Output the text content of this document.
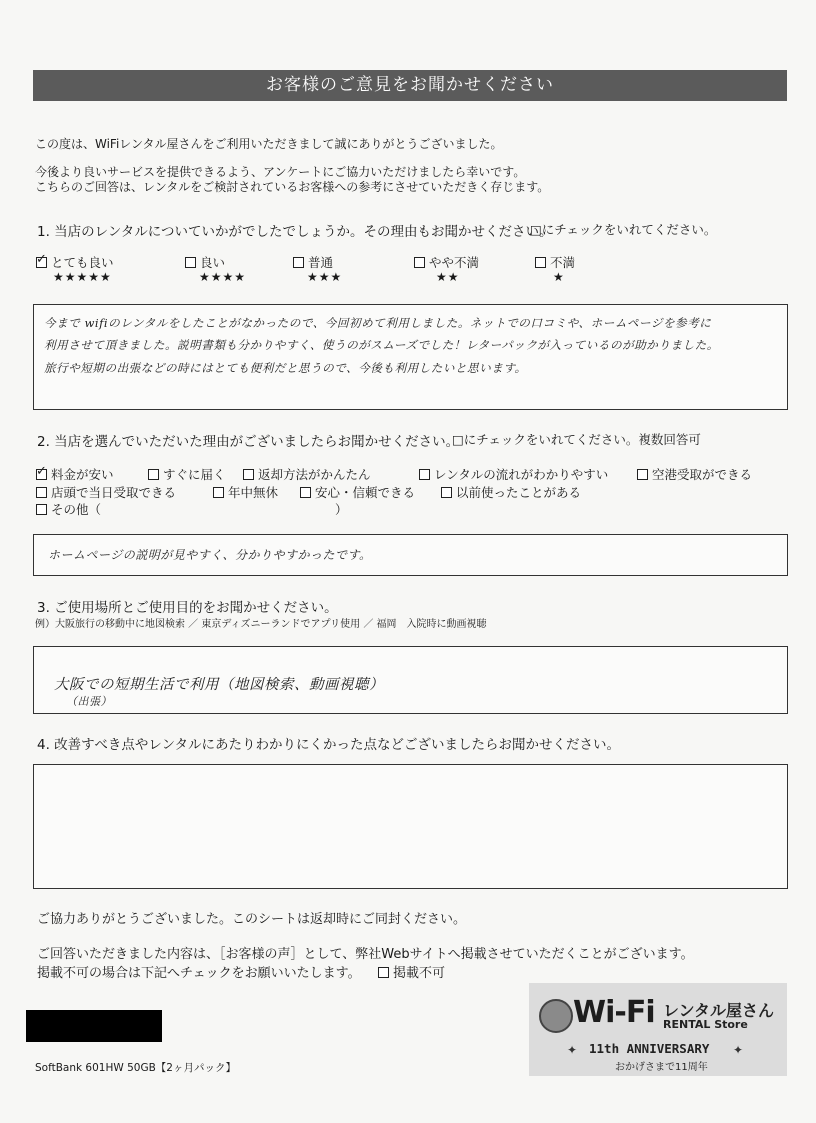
お客様のご意見をお聞かせください
この度は、WiFiレンタル屋さんをご利用いただきまして誠にありがとうございました。
今後より良いサービスを提供できるよう、アンケートにご協力いただけましたら幸いです。
こちらのご回答は、レンタルをご検討されているお客様への参考にさせていただきく存じます。
1. 当店のレンタルについていかがでしたでしょうか。その理由もお聞かせください。
□にチェックをいれてください。
✓とても良い
★★★★★
良い
★★★★
普通
★★★
やや不満
★★
不満
★
今まで wifiのレンタルをしたことがなかったので、今回初めて利用しました。ネットでの口コミや、ホームページを参考に
利用させて頂きました。説明書類も分かりやすく、使うのがスムーズでした！レターパックが入っているのが助かりました。
旅行や短期の出張などの時にはとても便利だと思うので、今後も利用したいと思います。
2. 当店を選んでいただいた理由がございましたらお聞かせください。
□にチェックをいれてください。複数回答可
✓料金が安い	すぐに届く	返却方法がかんたん	レンタルの流れがわかりやすい	空港受取ができる
店頭で当日受取できる	年中無休	安心・信頼できる	以前使ったことがある
その他（	）
ホームページの説明が見やすく、分かりやすかったです。
3. ご使用場所とご使用目的をお聞かせください。
例）大阪旅行の移動中に地図検索 ／ 東京ディズニーランドでアプリ使用 ／ 福岡　入院時に動画視聴
大阪での短期生活で利用（地図検索、動画視聴）
（出張）
4. 改善すべき点やレンタルにあたりわかりにくかった点などございましたらお聞かせください。
ご協力ありがとうございました。このシートは返却時にご同封ください。
ご回答いただきました内容は、［お客様の声］として、弊社Webサイトへ掲載させていただくことがございます。
掲載不可の場合は下記へチェックをお願いいたします。	掲載不可
SoftBank 601HW 50GB【2ヶ月パック】
Wi-Fi レンタル屋さん
RENTAL Store
✦ 11th ANNIVERSARY ✦
おかげさまで11周年
